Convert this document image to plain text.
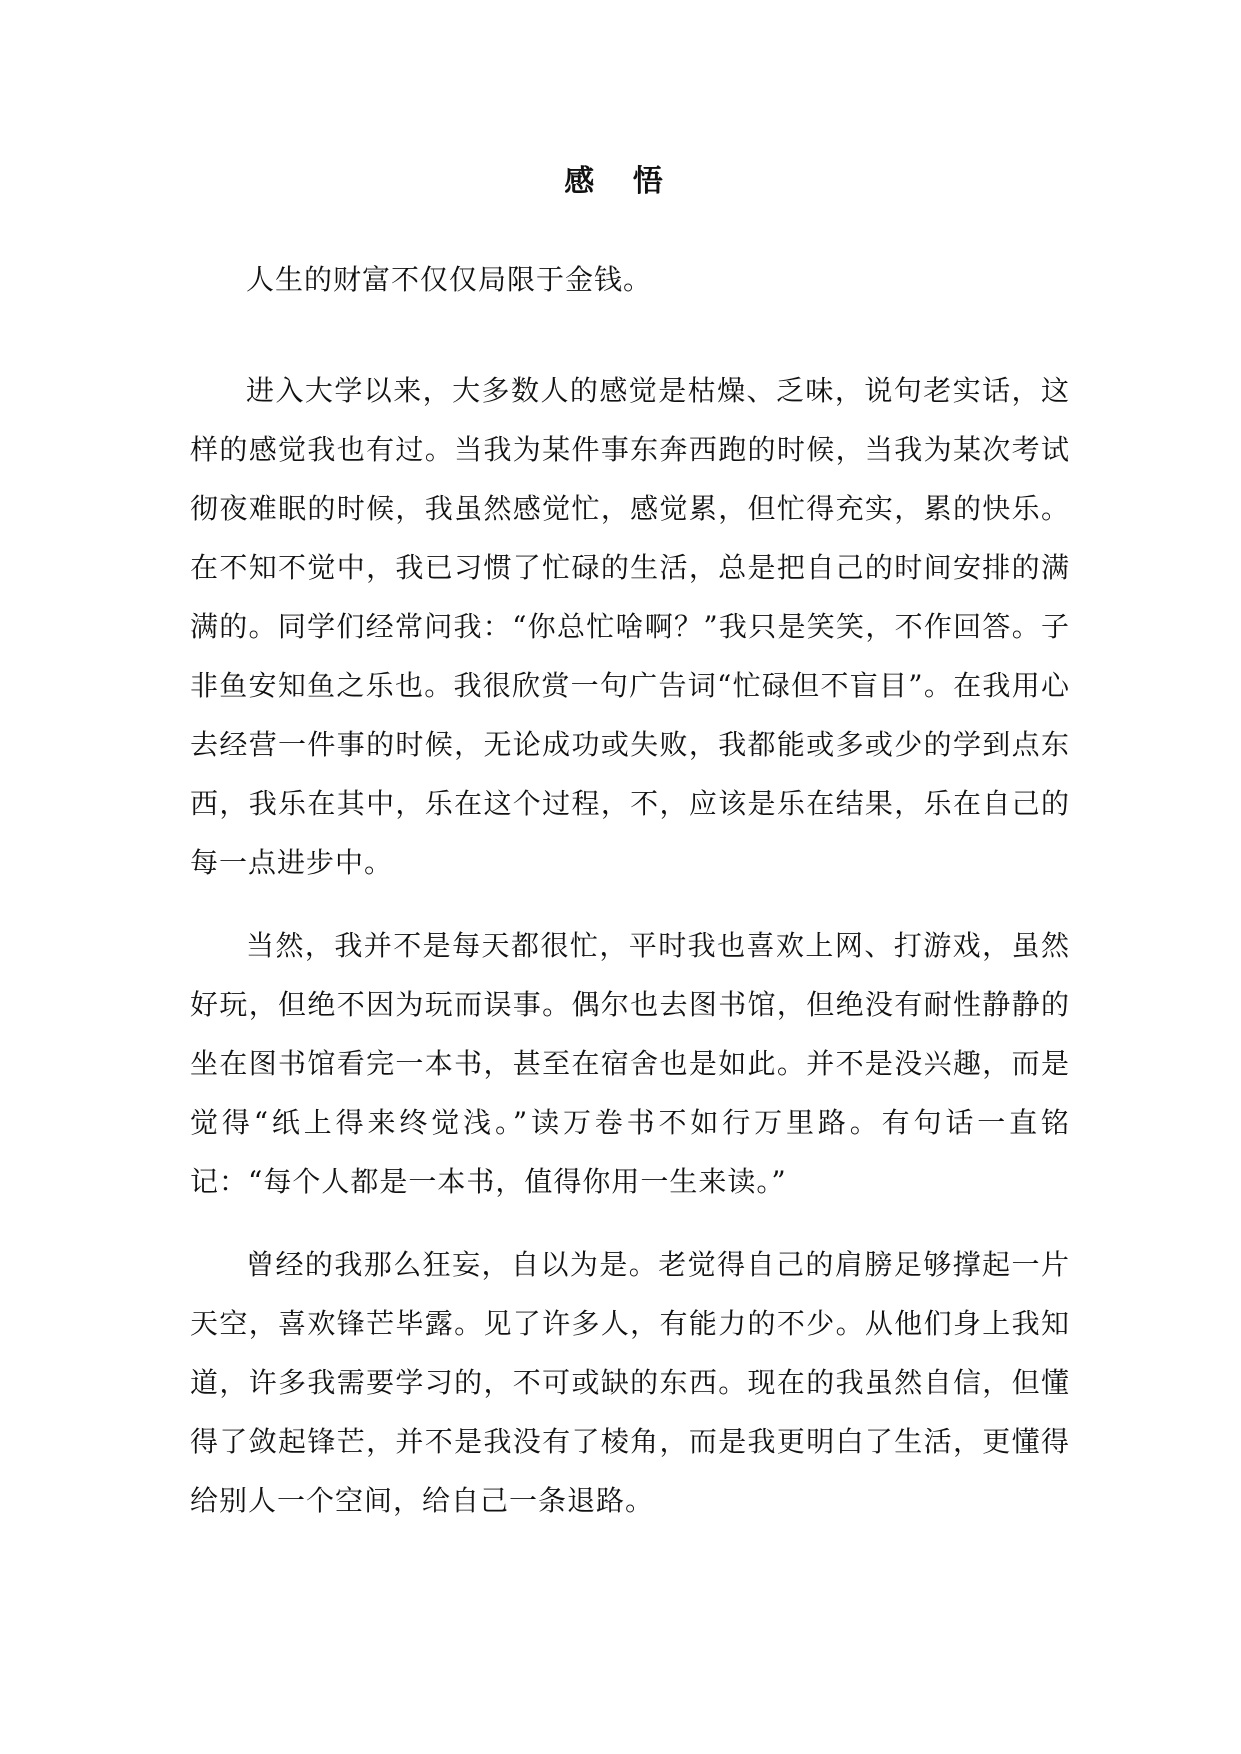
感 悟

人生的财富不仅仅局限于金钱。

进入大学以来，大多数人的感觉是枯燥、乏味，说句老实话，这样的感觉我也有过。当我为某件事东奔西跑的时候，当我为某次考试彻夜难眠的时候，我虽然感觉忙，感觉累，但忙得充实，累的快乐。在不知不觉中，我已习惯了忙碌的生活，总是把自己的时间安排的满满的。同学们经常问我：“你总忙啥啊？”我只是笑笑，不作回答。子非鱼安知鱼之乐也。我很欣赏一句广告词“忙碌但不盲目”。在我用心去经营一件事的时候，无论成功或失败，我都能或多或少的学到点东西，我乐在其中，乐在这个过程，不，应该是乐在结果，乐在自己的每一点进步中。

当然，我并不是每天都很忙，平时我也喜欢上网、打游戏，虽然好玩，但绝不因为玩而误事。偶尔也去图书馆，但绝没有耐性静静的坐在图书馆看完一本书，甚至在宿舍也是如此。并不是没兴趣，而是觉得“纸上得来终觉浅。”读万卷书不如行万里路。有句话一直铭记：“每个人都是一本书，值得你用一生来读。”

曾经的我那么狂妄，自以为是。老觉得自己的肩膀足够撑起一片天空，喜欢锋芒毕露。见了许多人，有能力的不少。从他们身上我知道，许多我需要学习的，不可或缺的东西。现在的我虽然自信，但懂得了敛起锋芒，并不是我没有了棱角，而是我更明白了生活，更懂得给别人一个空间，给自己一条退路。
